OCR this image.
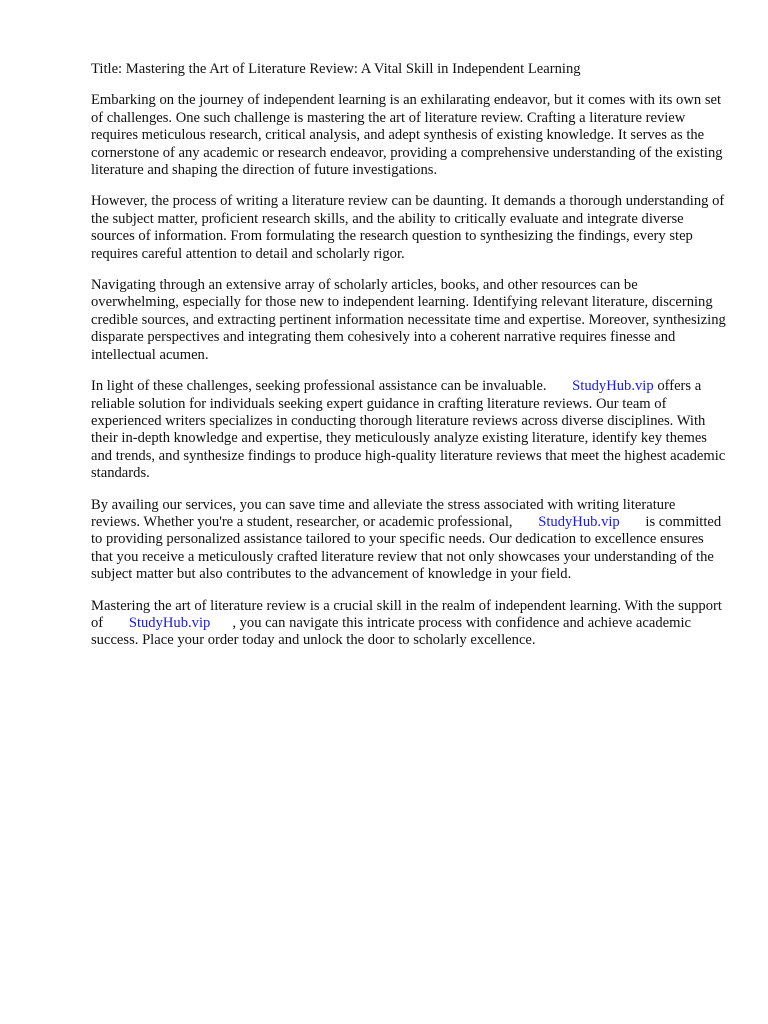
Title: Mastering the Art of Literature Review: A Vital Skill in Independent Learning

Embarking on the journey of independent learning is an exhilarating endeavor, but it comes with its own set of challenges. One such challenge is mastering the art of literature review. Crafting a literature review requires meticulous research, critical analysis, and adept synthesis of existing knowledge. It serves as the cornerstone of any academic or research endeavor, providing a comprehensive understanding of the existing literature and shaping the direction of future investigations.

However, the process of writing a literature review can be daunting. It demands a thorough understanding of the subject matter, proficient research skills, and the ability to critically evaluate and integrate diverse sources of information. From formulating the research question to synthesizing the findings, every step requires careful attention to detail and scholarly rigor.

Navigating through an extensive array of scholarly articles, books, and other resources can be overwhelming, especially for those new to independent learning. Identifying relevant literature, discerning credible sources, and extracting pertinent information necessitate time and expertise. Moreover, synthesizing disparate perspectives and integrating them cohesively into a coherent narrative requires finesse and intellectual acumen.

In light of these challenges, seeking professional assistance can be invaluable. StudyHub.vip offers a reliable solution for individuals seeking expert guidance in crafting literature reviews. Our team of experienced writers specializes in conducting thorough literature reviews across diverse disciplines. With their in-depth knowledge and expertise, they meticulously analyze existing literature, identify key themes and trends, and synthesize findings to produce high-quality literature reviews that meet the highest academic standards.

By availing our services, you can save time and alleviate the stress associated with writing literature reviews. Whether you're a student, researcher, or academic professional, StudyHub.vip is committed to providing personalized assistance tailored to your specific needs. Our dedication to excellence ensures that you receive a meticulously crafted literature review that not only showcases your understanding of the subject matter but also contributes to the advancement of knowledge in your field.

Mastering the art of literature review is a crucial skill in the realm of independent learning. With the support of StudyHub.vip , you can navigate this intricate process with confidence and achieve academic success. Place your order today and unlock the door to scholarly excellence.
